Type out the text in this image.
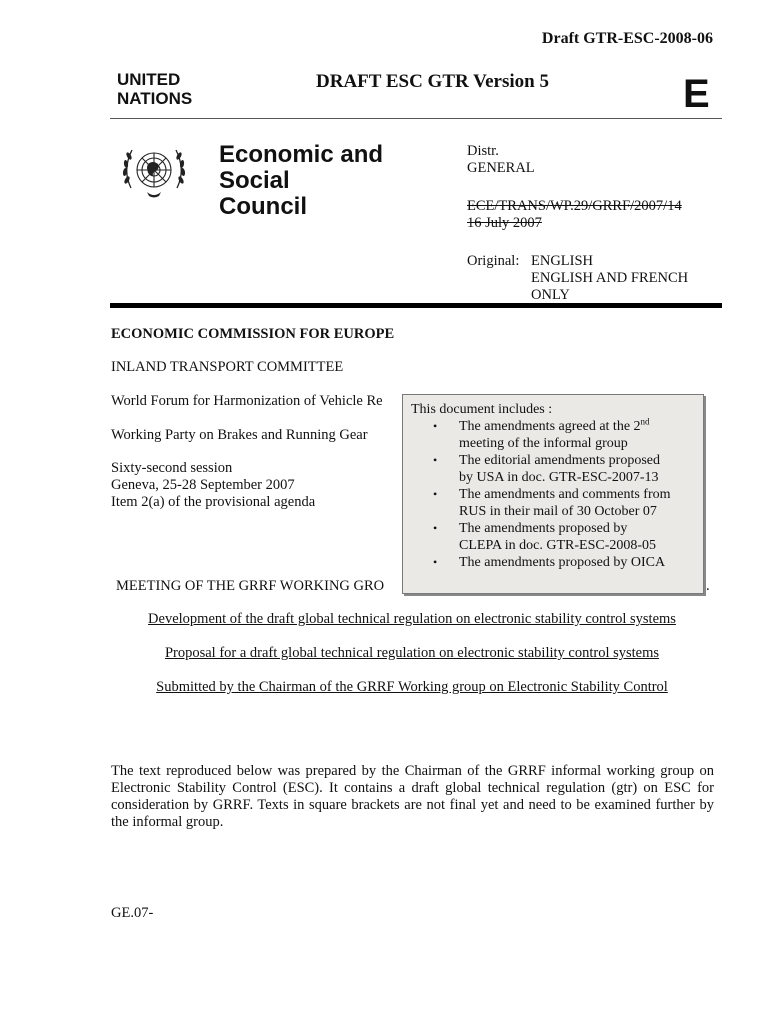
Draft GTR-ESC-2008-06
UNITED
NATIONS
DRAFT ESC GTR Version 5	E
Economic and Social
Council
Distr.
GENERAL
ECE/TRANS/WP.29/GRRF/2007/14
16 July 2007
Original: ENGLISH
ENGLISH AND FRENCH
ONLY
ECONOMIC COMMISSION FOR EUROPE
INLAND TRANSPORT COMMITTEE
World Forum for Harmonization of Vehicle Re
Working Party on Brakes and Running Gear
Sixty-second session
Geneva, 25-28 September 2007
Item 2(a) of the provisional agenda
MEETING OF THE GRRF WORKING GRO	.
Development of the draft global technical regulation on electronic stability control systems
Proposal for a draft global technical regulation on electronic stability control systems
Submitted by the Chairman of the GRRF Working group on Electronic Stability Control
The text reproduced below was prepared by the Chairman of the GRRF informal working group on Electronic Stability Control (ESC). It contains a draft global technical regulation (gtr) on ESC for consideration by GRRF. Texts in square brackets are not final yet and need to be examined further by the informal group.
GE.07-
This document includes :
• The amendments agreed at the 2nd
meeting of the informal group
• The editorial amendments proposed
by USA in doc. GTR-ESC-2007-13
• The amendments and comments from
RUS in their mail of 30 October 07
• The amendments proposed by
CLEPA in doc. GTR-ESC-2008-05
• The amendments proposed by OICA
